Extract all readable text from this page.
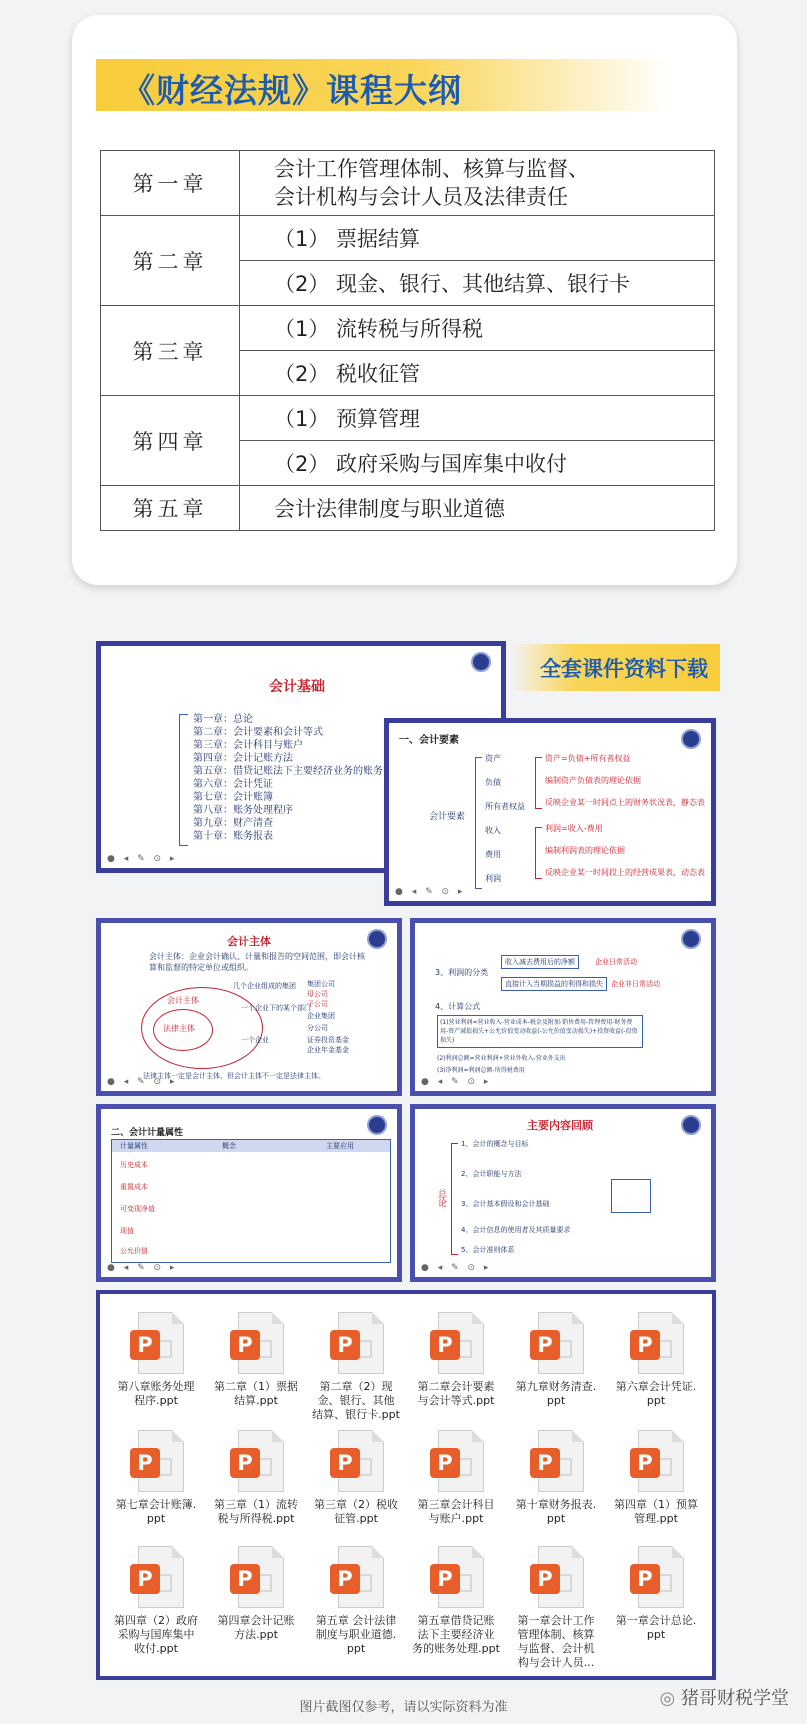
《财经法规》课程大纲
第一章	会计工作管理体制、核算与监督、
会计机构与会计人员及法律责任
第二章	（1） 票据结算
	（2） 现金、银行、其他结算、银行卡
第三章	（1） 流转税与所得税
	（2） 税收征管
第四章	（1） 预算管理
	（2） 政府采购与国库集中收付
第五章	会计法律制度与职业道德
全套课件资料下载
会计基础
第一章：总论
第二章：会计要素和会计等式
第三章：会计科目与账户
第四章：会计记账方法
第五章：借贷记账法下主要经济业务的账务
第六章：会计凭证
第七章：会计账簿
第八章：账务处理程序
第九章：财产清查
第十章：账务报表
● ◂ ✎ ⊙ ▸
一、会计要素
会计要素
资产
负债
所有者权益
收入
费用
利润
资产=负债+所有者权益
编制资产负债表的理论依据
反映企业某一时间点上的财务状况表，静态表
利润=收入-费用
编制利润表的理论依据
反映企业某一时间段上的经营成果表，动态表
● ◂ ✎ ⊙ ▸
会计主体
会计主体：企业会计确认、计量和报告的空间范围，即会计核算和监督的特定单位或组织。
会计主体
法律主体
几个企业组成的集团
一个企业下的某个部门
一个企业
集团公司
母公司
子公司
企业集团
分公司
证券投资基金
企业年金基金
法律主体一定是会计主体，但会计主体不一定是法律主体。
● ◂ ✎ ⊙ ▸
3、利润的分类
收入减去费用后的净额	企业日常活动
直接计入当期损益的利得和损失	企业非日常活动
4、计算公式
(1)营业利润=营业收入-营业成本-税金及附加-销售费用-管理费用-财务费用-资产减值损失+公允价值变动收益(-公允价值变动损失)+投资收益(-投资损失)
(2)利润总额=营业利润+营业外收入-营业外支出
(3)净利润=利润总额-所得税费用
● ◂ ✎ ⊙ ▸
二、会计计量属性
计量属性	概念	主要应用
历史成本
重置成本
可变现净值
现值
公允价值
● ◂ ✎ ⊙ ▸
主要内容回顾
总论
1、会计的概念与目标
2、会计职能与方法
3、会计基本假设和会计基础
4、会计信息的使用者及其质量要求
5、会计准则体系
● ◂ ✎ ⊙ ▸
P
第八章账务处理
程序.ppt
P
第二章（1）票据
结算.ppt
P
第二章（2）现
金、银行、其他
结算、银行卡.ppt
P
第二章会计要素
与会计等式.ppt
P
第九章财务清查.
ppt
P
第六章会计凭证.
ppt
P
第七章会计账簿.
ppt
P
第三章（1）流转
税与所得税.ppt
P
第三章（2）税收
征管.ppt
P
第三章会计科目
与账户.ppt
P
第十章财务报表.
ppt
P
第四章（1）预算
管理.ppt
P
第四章（2）政府
采购与国库集中
收付.ppt
P
第四章会计记账
方法.ppt
P
第五章 会计法律
制度与职业道德.
ppt
P
第五章借贷记账
法下主要经济业
务的账务处理.ppt
P
第一章会计工作
管理体制、核算
与监督、会计机
构与会计人员...
P
第一章会计总论.
ppt
图片截图仅参考，请以实际资料为准	◎ 猪哥财税学堂
